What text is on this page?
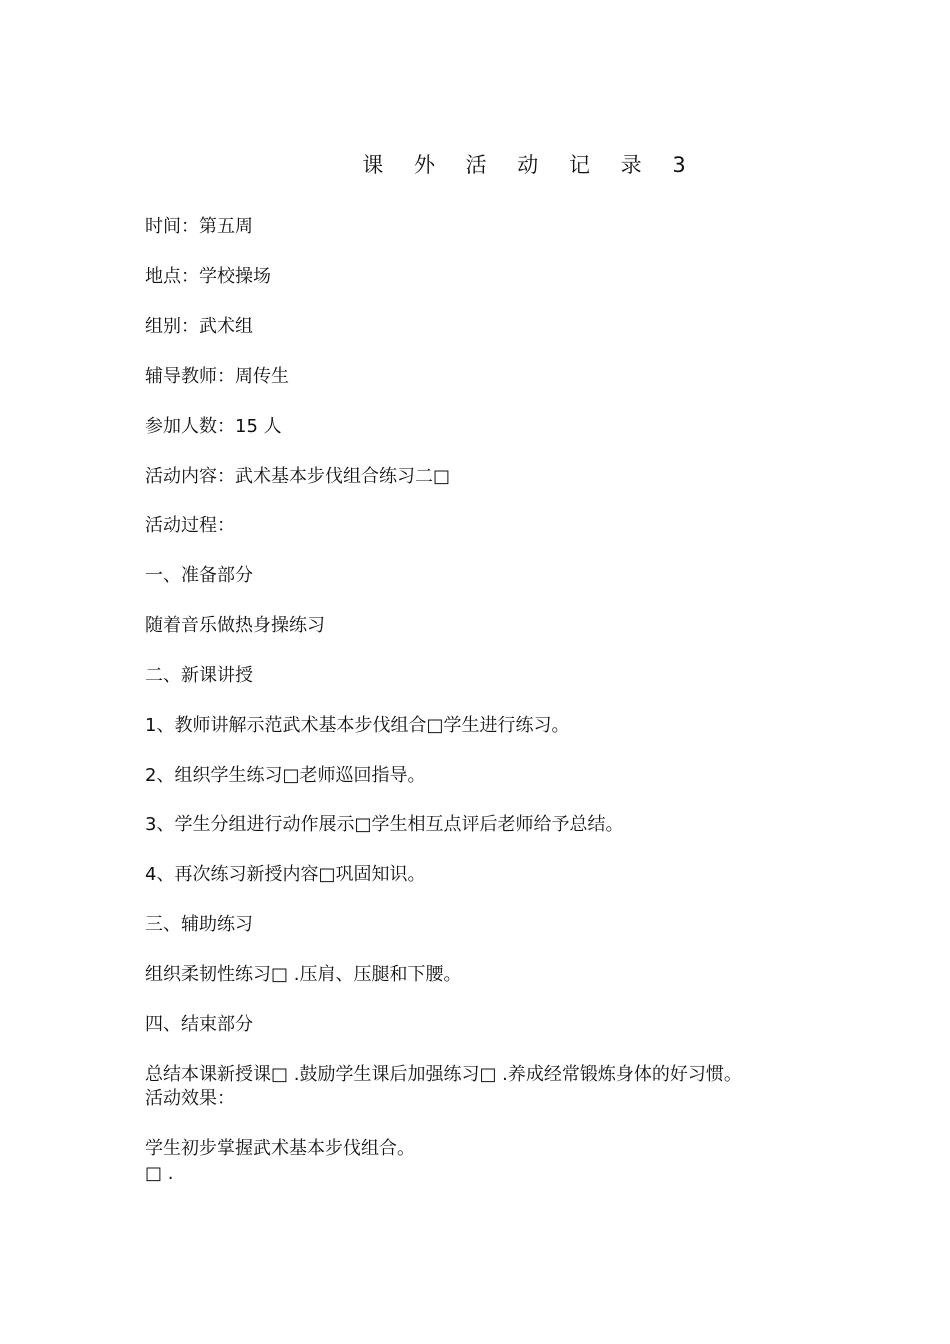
课 外 活 动 记 录 3
时间：第五周
地点：学校操场
组别：武术组
辅导教师：周传生
参加人数：15 人
活动内容：武术基本步伐组合练习二□
活动过程：
一、准备部分
随着音乐做热身操练习
二、新课讲授
1、教师讲解示范武术基本步伐组合□学生进行练习。
2、组织学生练习□老师巡回指导。
3、学生分组进行动作展示□学生相互点评后老师给予总结。
4、再次练习新授内容□巩固知识。
三、辅助练习
组织柔韧性练习□ .压肩、压腿和下腰。
四、结束部分
总结本课新授课□ .鼓励学生课后加强练习□ .养成经常锻炼身体的好习惯。
活动效果：
学生初步掌握武术基本步伐组合。
□ .
